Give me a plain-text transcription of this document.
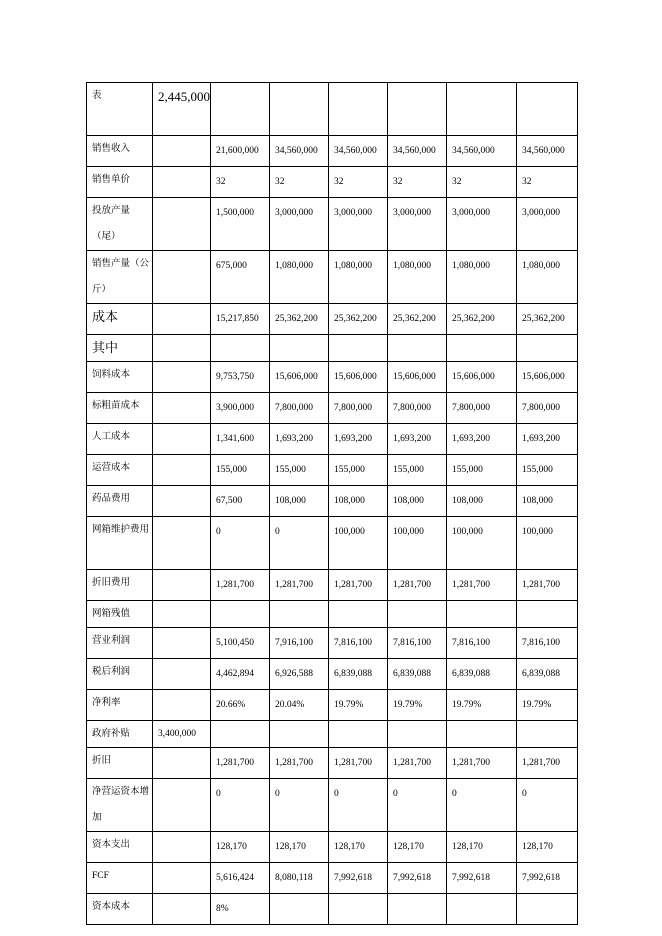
表	2,445,000						
销售收入		21,600,000	34,560,000	34,560,000	34,560,000	34,560,000	34,560,000
销售单价		32	32	32	32	32	32
投放产量（尾）		1,500,000	3,000,000	3,000,000	3,000,000	3,000,000	3,000,000
销售产量（公斤）		675,000	1,080,000	1,080,000	1,080,000	1,080,000	1,080,000
成本		15,217,850	25,362,200	25,362,200	25,362,200	25,362,200	25,362,200
其中							
饲料成本		9,753,750	15,606,000	15,606,000	15,606,000	15,606,000	15,606,000
标粗苗成本		3,900,000	7,800,000	7,800,000	7,800,000	7,800,000	7,800,000
人工成本		1,341,600	1,693,200	1,693,200	1,693,200	1,693,200	1,693,200
运营成本		155,000	155,000	155,000	155,000	155,000	155,000
药品费用		67,500	108,000	108,000	108,000	108,000	108,000
网箱维护费用		0	0	100,000	100,000	100,000	100,000
折旧费用		1,281,700	1,281,700	1,281,700	1,281,700	1,281,700	1,281,700
网箱残值							
营业利润		5,100,450	7,916,100	7,816,100	7,816,100	7,816,100	7,816,100
税后利润		4,462,894	6,926,588	6,839,088	6,839,088	6,839,088	6,839,088
净利率		20.66%	20.04%	19.79%	19.79%	19.79%	19.79%
政府补贴	3,400,000						
折旧		1,281,700	1,281,700	1,281,700	1,281,700	1,281,700	1,281,700
净营运资本增加		0	0	0	0	0	0
资本支出		128,170	128,170	128,170	128,170	128,170	128,170
FCF		5,616,424	8,080,118	7,992,618	7,992,618	7,992,618	7,992,618
资本成本		8%					
